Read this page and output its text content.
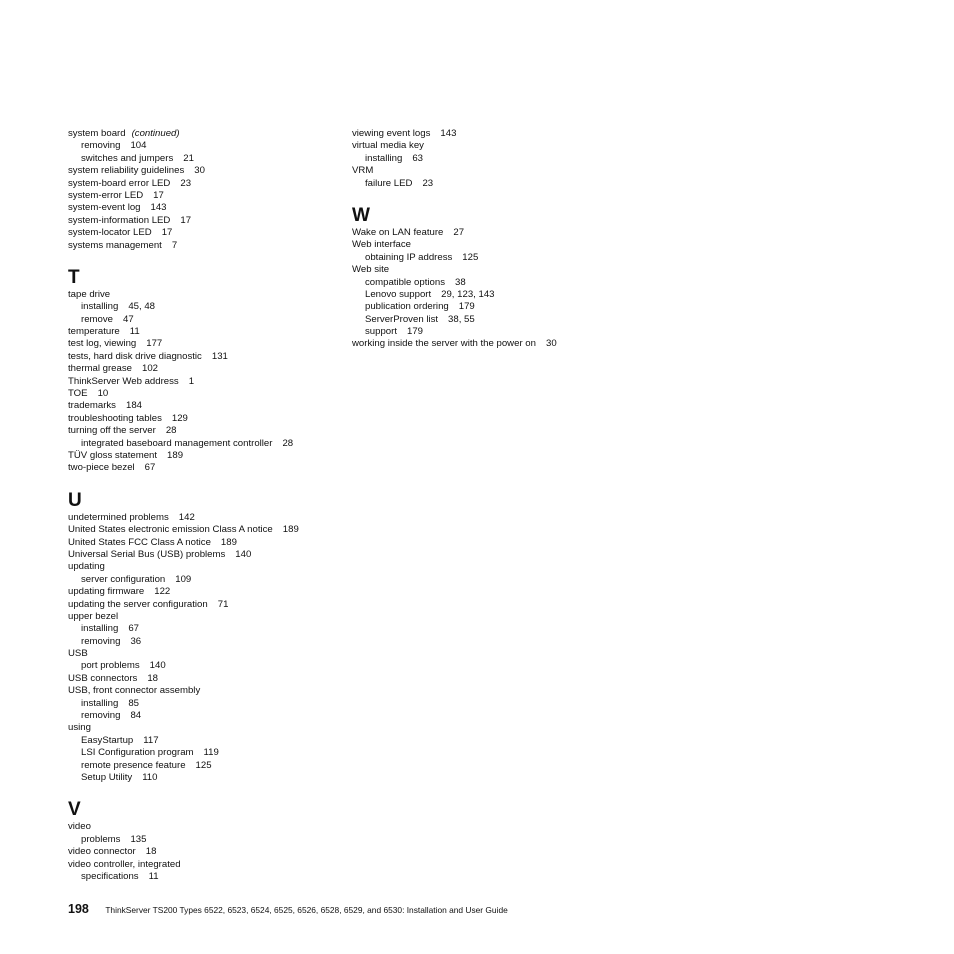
system board (continued)
removing 104
switches and jumpers 21
system reliability guidelines 30
system-board error LED 23
system-error LED 17
system-event log 143
system-information LED 17
system-locator LED 17
systems management 7
T
tape drive
installing 45, 48
remove 47
temperature 11
test log, viewing 177
tests, hard disk drive diagnostic 131
thermal grease 102
ThinkServer Web address 1
TOE 10
trademarks 184
troubleshooting tables 129
turning off the server 28
integrated baseboard management controller 28
TÜV gloss statement 189
two-piece bezel 67
U
undetermined problems 142
United States electronic emission Class A notice 189
United States FCC Class A notice 189
Universal Serial Bus (USB) problems 140
updating
server configuration 109
updating firmware 122
updating the server configuration 71
upper bezel
installing 67
removing 36
USB
port problems 140
USB connectors 18
USB, front connector assembly
installing 85
removing 84
using
EasyStartup 117
LSI Configuration program 119
remote presence feature 125
Setup Utility 110
V
video
problems 135
video connector 18
video controller, integrated
specifications 11
viewing event logs 143
virtual media key
installing 63
VRM
failure LED 23
W
Wake on LAN feature 27
Web interface
obtaining IP address 125
Web site
compatible options 38
Lenovo support 29, 123, 143
publication ordering 179
ServerProven list 38, 55
support 179
working inside the server with the power on 30
198 ThinkServer TS200 Types 6522, 6523, 6524, 6525, 6526, 6528, 6529, and 6530: Installation and User Guide
